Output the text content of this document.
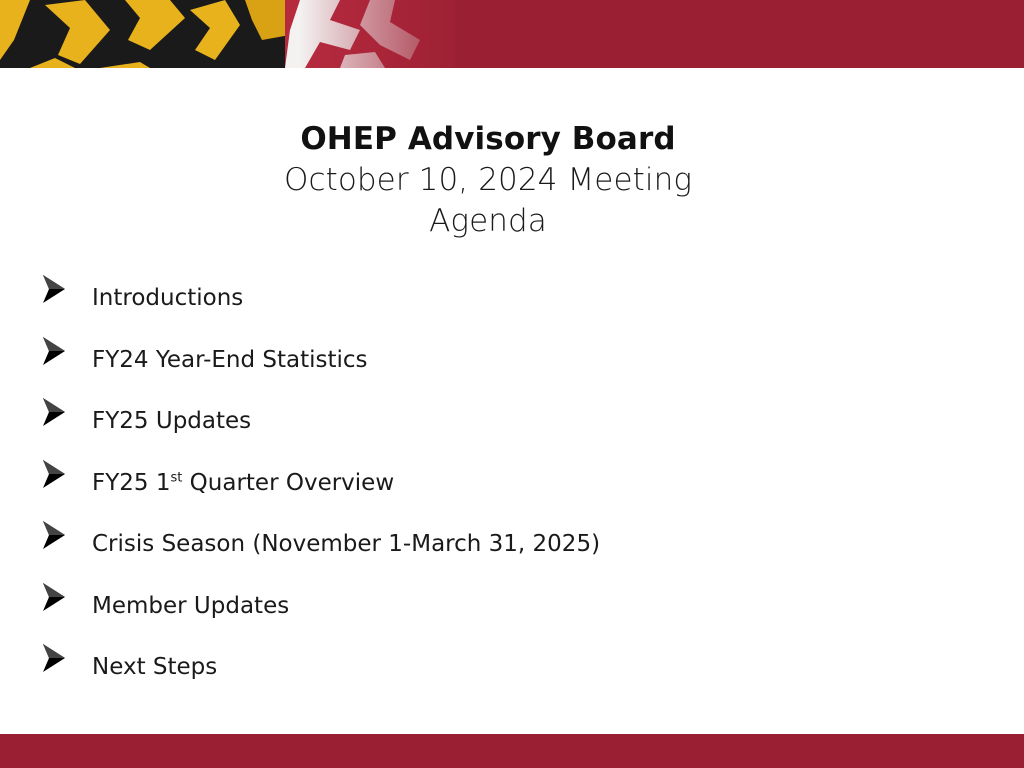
OHEP Advisory Board
October 10, 2024 Meeting
Agenda
Introductions
FY24 Year-End Statistics
FY25 Updates
FY25 1st Quarter Overview
Crisis Season (November 1-March 31, 2025)
Member Updates
Next Steps
